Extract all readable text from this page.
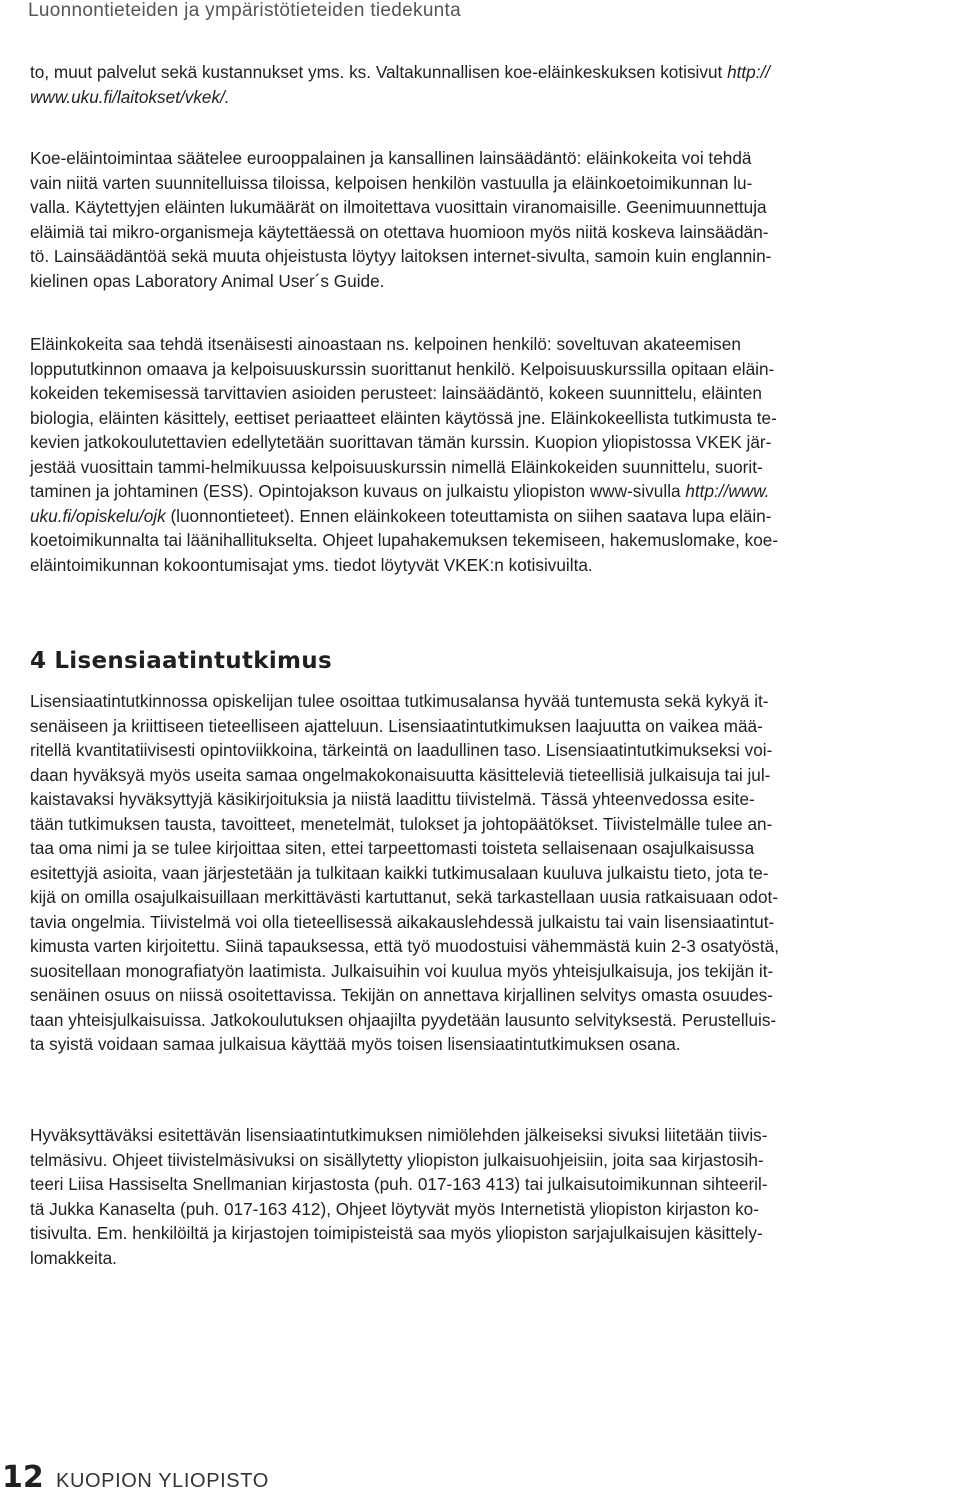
Luonnontieteiden ja ympäristötieteiden tiedekunta
to, muut palvelut sekä kustannukset yms. ks. Valtakunnallisen koe-eläinkeskuksen kotisivut http://
www.uku.fi/laitokset/vkek/.
Koe-eläintoimintaa säätelee eurooppalainen ja kansallinen lainsäädäntö: eläinkokeita voi tehdä
vain niitä varten suunnitelluissa tiloissa, kelpoisen henkilön vastuulla ja eläinkoetoimikunnan lu-
valla. Käytettyjen eläinten lukumäärät on ilmoitettava vuosittain viranomaisille. Geenimuunnettuja
eläimiä tai mikro-organismeja käytettäessä on otettava huomioon myös niitä koskeva lainsäädän-
tö. Lainsäädäntöä sekä muuta ohjeistusta löytyy laitoksen internet-sivulta, samoin kuin englannin-
kielinen opas Laboratory Animal User´s Guide.
Eläinkokeita saa tehdä itsenäisesti ainoastaan ns. kelpoinen henkilö: soveltuvan akateemisen
loppututkinnon omaava ja kelpoisuuskurssin suorittanut henkilö. Kelpoisuuskurssilla opitaan eläin-
kokeiden tekemisessä tarvittavien asioiden perusteet: lainsäädäntö, kokeen suunnittelu, eläinten
biologia, eläinten käsittely, eettiset periaatteet eläinten käytössä jne. Eläinkokeellista tutkimusta te-
kevien jatkokoulutettavien edellytetään suorittavan tämän kurssin. Kuopion yliopistossa VKEK jär-
jestää vuosittain tammi-helmikuussa kelpoisuuskurssin nimellä Eläinkokeiden suunnittelu, suorit-
taminen ja johtaminen (ESS). Opintojakson kuvaus on julkaistu yliopiston www-sivulla http://www.
uku.fi/opiskelu/ojk (luonnontieteet). Ennen eläinkokeen toteuttamista on siihen saatava lupa eläin-
koetoimikunnalta tai läänihallitukselta. Ohjeet lupahakemuksen tekemiseen, hakemuslomake, koe-
eläintoimikunnan kokoontumisajat yms. tiedot löytyvät VKEK:n kotisivuilta.
4 Lisensiaatintutkimus
Lisensiaatintutkinnossa opiskelijan tulee osoittaa tutkimusalansa hyvää tuntemusta sekä kykyä it-
senäiseen ja kriittiseen tieteelliseen ajatteluun. Lisensiaatintutkimuksen laajuutta on vaikea mää-
ritellä kvantitatiivisesti opintoviikkoina, tärkeintä on laadullinen taso. Lisensiaatintutkimukseksi voi-
daan hyväksyä myös useita samaa ongelmakokonaisuutta käsitteleviä tieteellisiä julkaisuja tai jul-
kaistavaksi hyväksyttyjä käsikirjoituksia ja niistä laadittu tiivistelmä. Tässä yhteenvedossa esite-
tään tutkimuksen tausta, tavoitteet, menetelmät, tulokset ja johtopäätökset. Tiivistelmälle tulee an-
taa oma nimi ja se tulee kirjoittaa siten, ettei tarpeettomasti toisteta sellaisenaan osajulkaisussa
esitettyjä asioita, vaan järjestetään ja tulkitaan kaikki tutkimusalaan kuuluva julkaistu tieto, jota te-
kijä on omilla osajulkaisuillaan merkittävästi kartuttanut, sekä tarkastellaan uusia ratkaisuaan odot-
tavia ongelmia. Tiivistelmä voi olla tieteellisessä aikakauslehdessä julkaistu tai vain lisensiaatintut-
kimusta varten kirjoitettu. Siinä tapauksessa, että työ muodostuisi vähemmästä kuin 2-3 osatyöstä,
suositellaan monografiatyön laatimista. Julkaisuihin voi kuulua myös yhteisjulkaisuja, jos tekijän it-
senäinen osuus on niissä osoitettavissa. Tekijän on annettava kirjallinen selvitys omasta osuudes-
taan yhteisjulkaisuissa. Jatkokoulutuksen ohjaajilta pyydetään lausunto selvityksestä. Perustelluis-
ta syistä voidaan samaa julkaisua käyttää myös toisen lisensiaatintutkimuksen osana.
Hyväksyttäväksi esitettävän lisensiaatintutkimuksen nimiölehden jälkeiseksi sivuksi liitetään tiivis-
telmäsivu. Ohjeet tiivistelmäsivuksi on sisällytetty yliopiston julkaisuohjeisiin, joita saa kirjastosih-
teeri Liisa Hassiselta Snellmanian kirjastosta (puh. 017-163 413) tai julkaisutoimikunnan sihteeril-
tä Jukka Kanaselta (puh. 017-163 412), Ohjeet löytyvät myös Internetistä yliopiston kirjaston ko-
tisivulta. Em. henkilöiltä ja kirjastojen toimipisteistä saa myös yliopiston sarjajulkaisujen käsittely-
lomakkeita.
12 KUOPION YLIOPISTO
